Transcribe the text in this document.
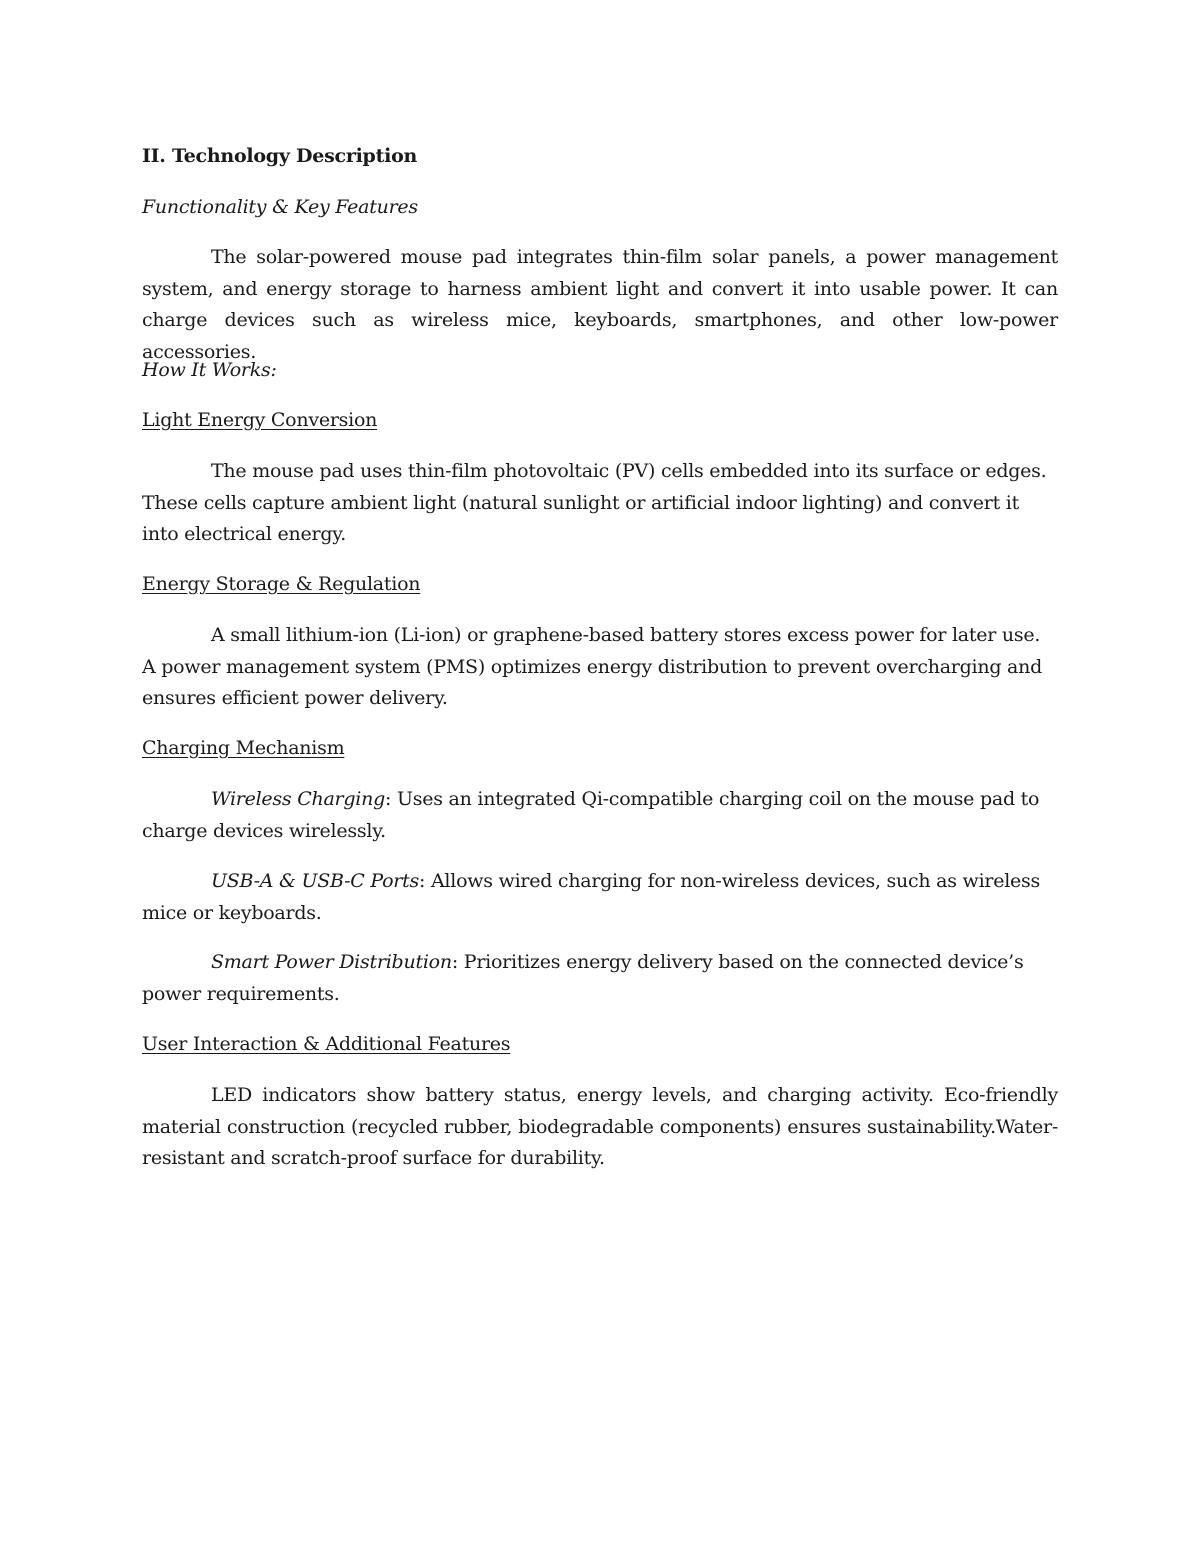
II. Technology Description

Functionality & Key Features

The solar-powered mouse pad integrates thin-film solar panels, a power management system, and energy storage to harness ambient light and convert it into usable power. It can charge devices such as wireless mice, keyboards, smartphones, and other low-power accessories.

How It Works:

Light Energy Conversion

The mouse pad uses thin-film photovoltaic (PV) cells embedded into its surface or edges. These cells capture ambient light (natural sunlight or artificial indoor lighting) and convert it into electrical energy.

Energy Storage & Regulation

A small lithium-ion (Li-ion) or graphene-based battery stores excess power for later use. A power management system (PMS) optimizes energy distribution to prevent overcharging and ensures efficient power delivery.

Charging Mechanism

Wireless Charging: Uses an integrated Qi-compatible charging coil on the mouse pad to charge devices wirelessly.

USB-A & USB-C Ports: Allows wired charging for non-wireless devices, such as wireless mice or keyboards.

Smart Power Distribution: Prioritizes energy delivery based on the connected device’s power requirements.

User Interaction & Additional Features

LED indicators show battery status, energy levels, and charging activity. Eco-friendly material construction (recycled rubber, biodegradable components) ensures sustainability.Water-resistant and scratch-proof surface for durability.
